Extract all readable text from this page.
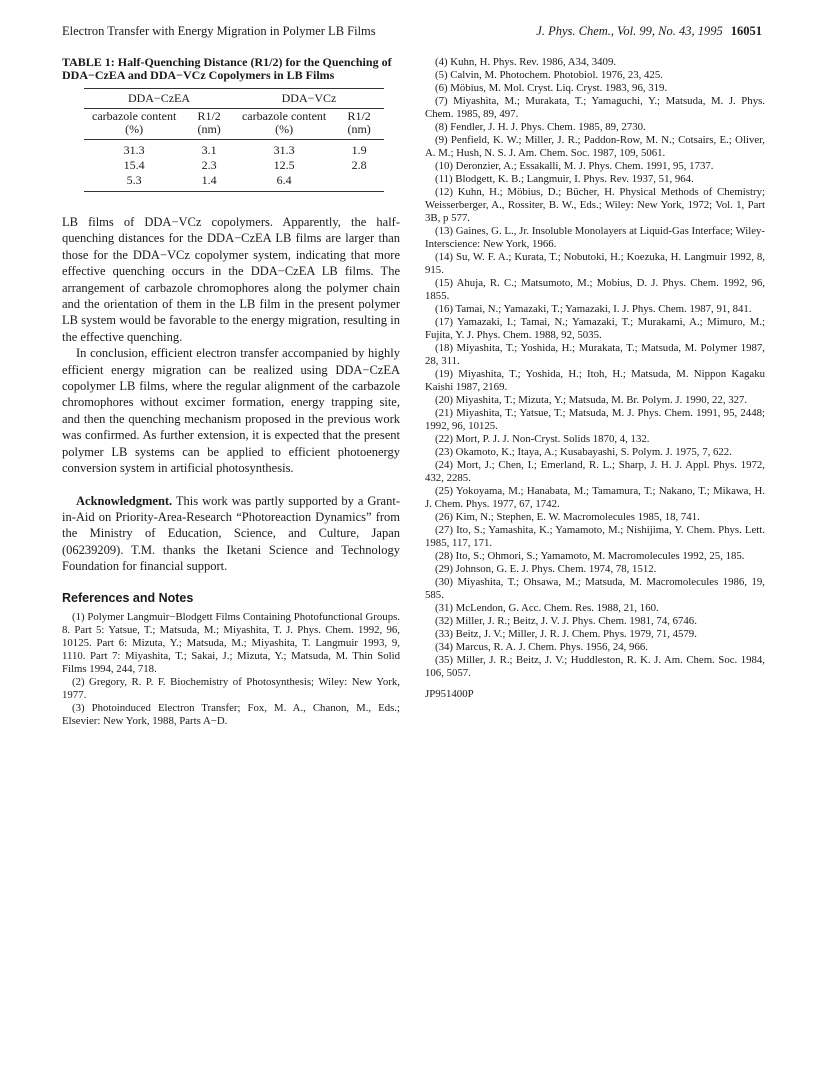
Electron Transfer with Energy Migration in Polymer LB Films	J. Phys. Chem., Vol. 99, No. 43, 1995 16051
TABLE 1: Half-Quenching Distance (R1/2) for the Quenching of DDA−CzEA and DDA−VCz Copolymers in LB Films
DDA−CzEA		DDA−VCz	
carbazole content (%)	R1/2 (nm)	carbazole content (%)	R1/2 (nm)
31.3	3.1	31.3	1.9
15.4	2.3	12.5	2.8
5.3	1.4	6.4	

LB films of DDA−VCz copolymers. Apparently, the half-quenching distances for the DDA−CzEA LB films are larger than those for the DDA−VCz copolymer system, indicating that more effective quenching occurs in the DDA−CzEA LB films. The arrangement of carbazole chromophores along the polymer chain and the orientation of them in the LB film in the present polymer LB system would be favorable to the energy migration, resulting in the effective quenching.

In conclusion, efficient electron transfer accompanied by highly efficient energy migration can be realized using DDA−CzEA copolymer LB films, where the regular alignment of the carbazole chromophores without excimer formation, energy trapping site, and then the quenching mechanism proposed in the previous work was confirmed. As further extension, it is expected that the present polymer LB systems can be applied to efficient photoenergy conversion system in artificial photosynthesis.

Acknowledgment. This work was partly supported by a Grant-in-Aid on Priority-Area-Research “Photoreaction Dynamics” from the Ministry of Education, Science, and Culture, Japan (06239209). T.M. thanks the Iketani Science and Technology Foundation for financial support.

References and Notes

(1) Polymer Langmuir−Blodgett Films Containing Photofunctional Groups. 8. Part 5: Yatsue, T.; Matsuda, M.; Miyashita, T. J. Phys. Chem. 1992, 96, 10125. Part 6: Mizuta, Y.; Matsuda, M.; Miyashita, T. Langmuir 1993, 9, 1110. Part 7: Miyashita, T.; Sakai, J.; Mizuta, Y.; Matsuda, M. Thin Solid Films 1994, 244, 718.

(2) Gregory, R. P. F. Biochemistry of Photosynthesis; Wiley: New York, 1977.

(3) Photoinduced Electron Transfer; Fox, M. A., Chanon, M., Eds.; Elsevier: New York, 1988, Parts A−D.

(4) Kuhn, H. Phys. Rev. 1986, A34, 3409.

(5) Calvin, M. Photochem. Photobiol. 1976, 23, 425.

(6) Möbius, M. Mol. Cryst. Liq. Cryst. 1983, 96, 319.

(7) Miyashita, M.; Murakata, T.; Yamaguchi, Y.; Matsuda, M. J. Phys. Chem. 1985, 89, 497.

(8) Fendler, J. H. J. Phys. Chem. 1985, 89, 2730.

(9) Penfield, K. W.; Miller, J. R.; Paddon-Row, M. N.; Cotsairs, E.; Oliver, A. M.; Hush, N. S. J. Am. Chem. Soc. 1987, 109, 5061.

(10) Deronzier, A.; Essakalli, M. J. Phys. Chem. 1991, 95, 1737.

(11) Blodgett, K. B.; Langmuir, I. Phys. Rev. 1937, 51, 964.

(12) Kuhn, H.; Möbius, D.; Bücher, H. Physical Methods of Chemistry; Weisserberger, A., Rossiter, B. W., Eds.; Wiley: New York, 1972; Vol. 1, Part 3B, p 577.

(13) Gaines, G. L., Jr. Insoluble Monolayers at Liquid-Gas Interface; Wiley-Interscience: New York, 1966.

(14) Su, W. F. A.; Kurata, T.; Nobutoki, H.; Koezuka, H. Langmuir 1992, 8, 915.

(15) Ahuja, R. C.; Matsumoto, M.; Mobius, D. J. Phys. Chem. 1992, 96, 1855.

(16) Tamai, N.; Yamazaki, T.; Yamazaki, I. J. Phys. Chem. 1987, 91, 841.

(17) Yamazaki, I.; Tamai, N.; Yamazaki, T.; Murakami, A.; Mimuro, M.; Fujita, Y. J. Phys. Chem. 1988, 92, 5035.

(18) Miyashita, T.; Yoshida, H.; Murakata, T.; Matsuda, M. Polymer 1987, 28, 311.

(19) Miyashita, T.; Yoshida, H.; Itoh, H.; Matsuda, M. Nippon Kagaku Kaishi 1987, 2169.

(20) Miyashita, T.; Mizuta, Y.; Matsuda, M. Br. Polym. J. 1990, 22, 327.

(21) Miyashita, T.; Yatsue, T.; Matsuda, M. J. Phys. Chem. 1991, 95, 2448; 1992, 96, 10125.

(22) Mort, P. J. J. Non-Cryst. Solids 1870, 4, 132.

(23) Okamoto, K.; Itaya, A.; Kusabayashi, S. Polym. J. 1975, 7, 622.

(24) Mort, J.; Chen, I.; Emerland, R. L.; Sharp, J. H. J. Appl. Phys. 1972, 432, 2285.

(25) Yokoyama, M.; Hanabata, M.; Tamamura, T.; Nakano, T.; Mikawa, H. J. Chem. Phys. 1977, 67, 1742.

(26) Kim, N.; Stephen, E. W. Macromolecules 1985, 18, 741.

(27) Ito, S.; Yamashita, K.; Yamamoto, M.; Nishijima, Y. Chem. Phys. Lett. 1985, 117, 171.

(28) Ito, S.; Ohmori, S.; Yamamoto, M. Macromolecules 1992, 25, 185.

(29) Johnson, G. E. J. Phys. Chem. 1974, 78, 1512.

(30) Miyashita, T.; Ohsawa, M.; Matsuda, M. Macromolecules 1986, 19, 585.

(31) McLendon, G. Acc. Chem. Res. 1988, 21, 160.

(32) Miller, J. R.; Beitz, J. V. J. Phys. Chem. 1981, 74, 6746.

(33) Beitz, J. V.; Miller, J. R. J. Chem. Phys. 1979, 71, 4579.

(34) Marcus, R. A. J. Chem. Phys. 1956, 24, 966.

(35) Miller, J. R.; Beitz, J. V.; Huddleston, R. K. J. Am. Chem. Soc. 1984, 106, 5057.

JP951400P
